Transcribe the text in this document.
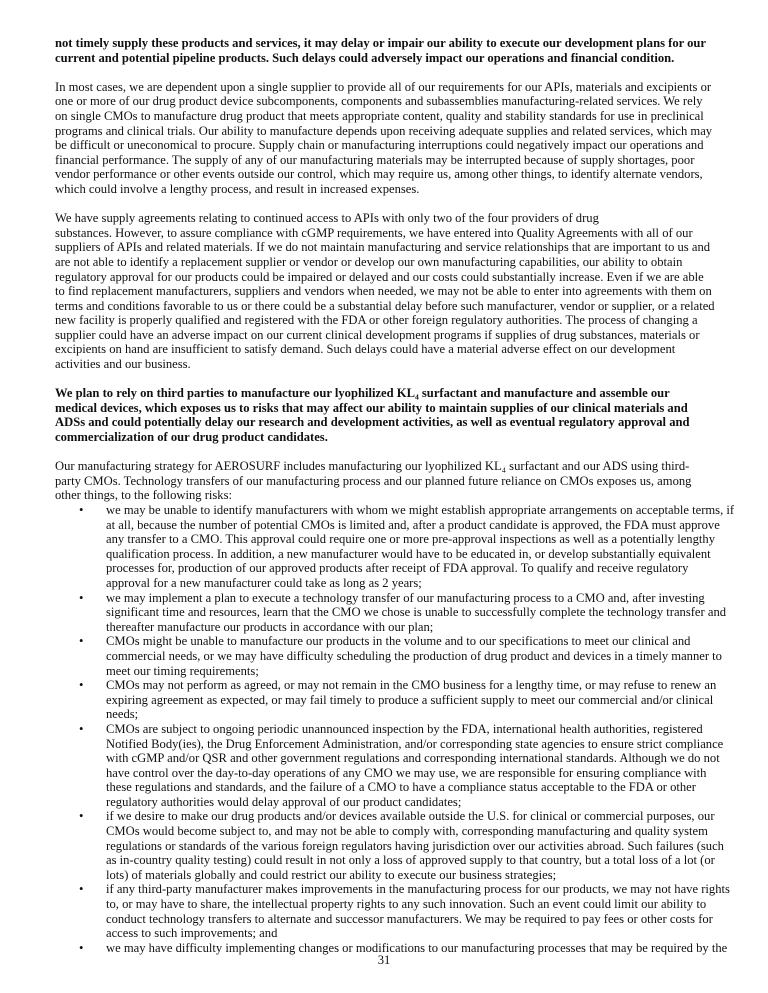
not timely supply these products and services, it may delay or impair our ability to execute our development plans for our
current and potential pipeline products. Such delays could adversely impact our operations and financial condition.
In most cases, we are dependent upon a single supplier to provide all of our requirements for our APIs, materials and excipients or
one or more of our drug product device subcomponents, components and subassemblies manufacturing-related services. We rely
on single CMOs to manufacture drug product that meets appropriate content, quality and stability standards for use in preclinical
programs and clinical trials. Our ability to manufacture depends upon receiving adequate supplies and related services, which may
be difficult or uneconomical to procure. Supply chain or manufacturing interruptions could negatively impact our operations and
financial performance. The supply of any of our manufacturing materials may be interrupted because of supply shortages, poor
vendor performance or other events outside our control, which may require us, among other things, to identify alternate vendors,
which could involve a lengthy process, and result in increased expenses.
We have supply agreements relating to continued access to APIs with only two of the four providers of drug
substances. However, to assure compliance with cGMP requirements, we have entered into Quality Agreements with all of our
suppliers of APIs and related materials. If we do not maintain manufacturing and service relationships that are important to us and
are not able to identify a replacement supplier or vendor or develop our own manufacturing capabilities, our ability to obtain
regulatory approval for our products could be impaired or delayed and our costs could substantially increase. Even if we are able
to find replacement manufacturers, suppliers and vendors when needed, we may not be able to enter into agreements with them on
terms and conditions favorable to us or there could be a substantial delay before such manufacturer, vendor or supplier, or a related
new facility is properly qualified and registered with the FDA or other foreign regulatory authorities. The process of changing a
supplier could have an adverse impact on our current clinical development programs if supplies of drug substances, materials or
excipients on hand are insufficient to satisfy demand. Such delays could have a material adverse effect on our development
activities and our business.
We plan to rely on third parties to manufacture our lyophilized KL₄ surfactant and manufacture and assemble our
medical devices, which exposes us to risks that may affect our ability to maintain supplies of our clinical materials and
ADSs and could potentially delay our research and development activities, as well as eventual regulatory approval and
commercialization of our drug product candidates.
Our manufacturing strategy for AEROSURF includes manufacturing our lyophilized KL₄ surfactant and our ADS using third-
party CMOs. Technology transfers of our manufacturing process and our planned future reliance on CMOs exposes us, among
other things, to the following risks:
• we may be unable to identify manufacturers with whom we might establish appropriate arrangements on acceptable terms, if
at all, because the number of potential CMOs is limited and, after a product candidate is approved, the FDA must approve
any transfer to a CMO. This approval could require one or more pre-approval inspections as well as a potentially lengthy
qualification process. In addition, a new manufacturer would have to be educated in, or develop substantially equivalent
processes for, production of our approved products after receipt of FDA approval. To qualify and receive regulatory
approval for a new manufacturer could take as long as 2 years;
• we may implement a plan to execute a technology transfer of our manufacturing process to a CMO and, after investing
significant time and resources, learn that the CMO we chose is unable to successfully complete the technology transfer and
thereafter manufacture our products in accordance with our plan;
• CMOs might be unable to manufacture our products in the volume and to our specifications to meet our clinical and
commercial needs, or we may have difficulty scheduling the production of drug product and devices in a timely manner to
meet our timing requirements;
• CMOs may not perform as agreed, or may not remain in the CMO business for a lengthy time, or may refuse to renew an
expiring agreement as expected, or may fail timely to produce a sufficient supply to meet our commercial and/or clinical
needs;
• CMOs are subject to ongoing periodic unannounced inspection by the FDA, international health authorities, registered
Notified Body(ies), the Drug Enforcement Administration, and/or corresponding state agencies to ensure strict compliance
with cGMP and/or QSR and other government regulations and corresponding international standards. Although we do not
have control over the day-to-day operations of any CMO we may use, we are responsible for ensuring compliance with
these regulations and standards, and the failure of a CMO to have a compliance status acceptable to the FDA or other
regulatory authorities would delay approval of our product candidates;
• if we desire to make our drug products and/or devices available outside the U.S. for clinical or commercial purposes, our
CMOs would become subject to, and may not be able to comply with, corresponding manufacturing and quality system
regulations or standards of the various foreign regulators having jurisdiction over our activities abroad. Such failures (such
as in-country quality testing) could result in not only a loss of approved supply to that country, but a total loss of a lot (or
lots) of materials globally and could restrict our ability to execute our business strategies;
• if any third-party manufacturer makes improvements in the manufacturing process for our products, we may not have rights
to, or may have to share, the intellectual property rights to any such innovation. Such an event could limit our ability to
conduct technology transfers to alternate and successor manufacturers. We may be required to pay fees or other costs for
access to such improvements; and
• we may have difficulty implementing changes or modifications to our manufacturing processes that may be required by the
31
